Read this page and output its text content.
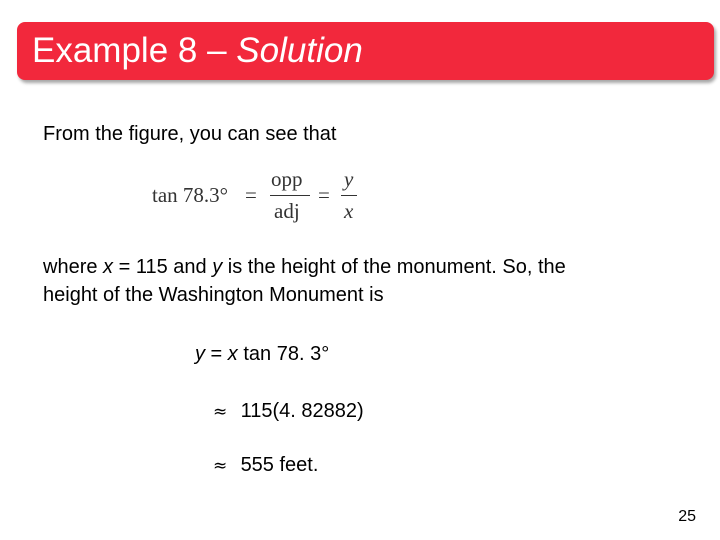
Example 8 – Solution
From the figure, you can see that
tan 78.3° =
opp
adj
=
y
x
where x = 115 and y is the height of the monument. So, the
height of the Washington Monument is
y = x tan 78. 3°
≈ 115(4. 82882)
≈ 555 feet.
25
